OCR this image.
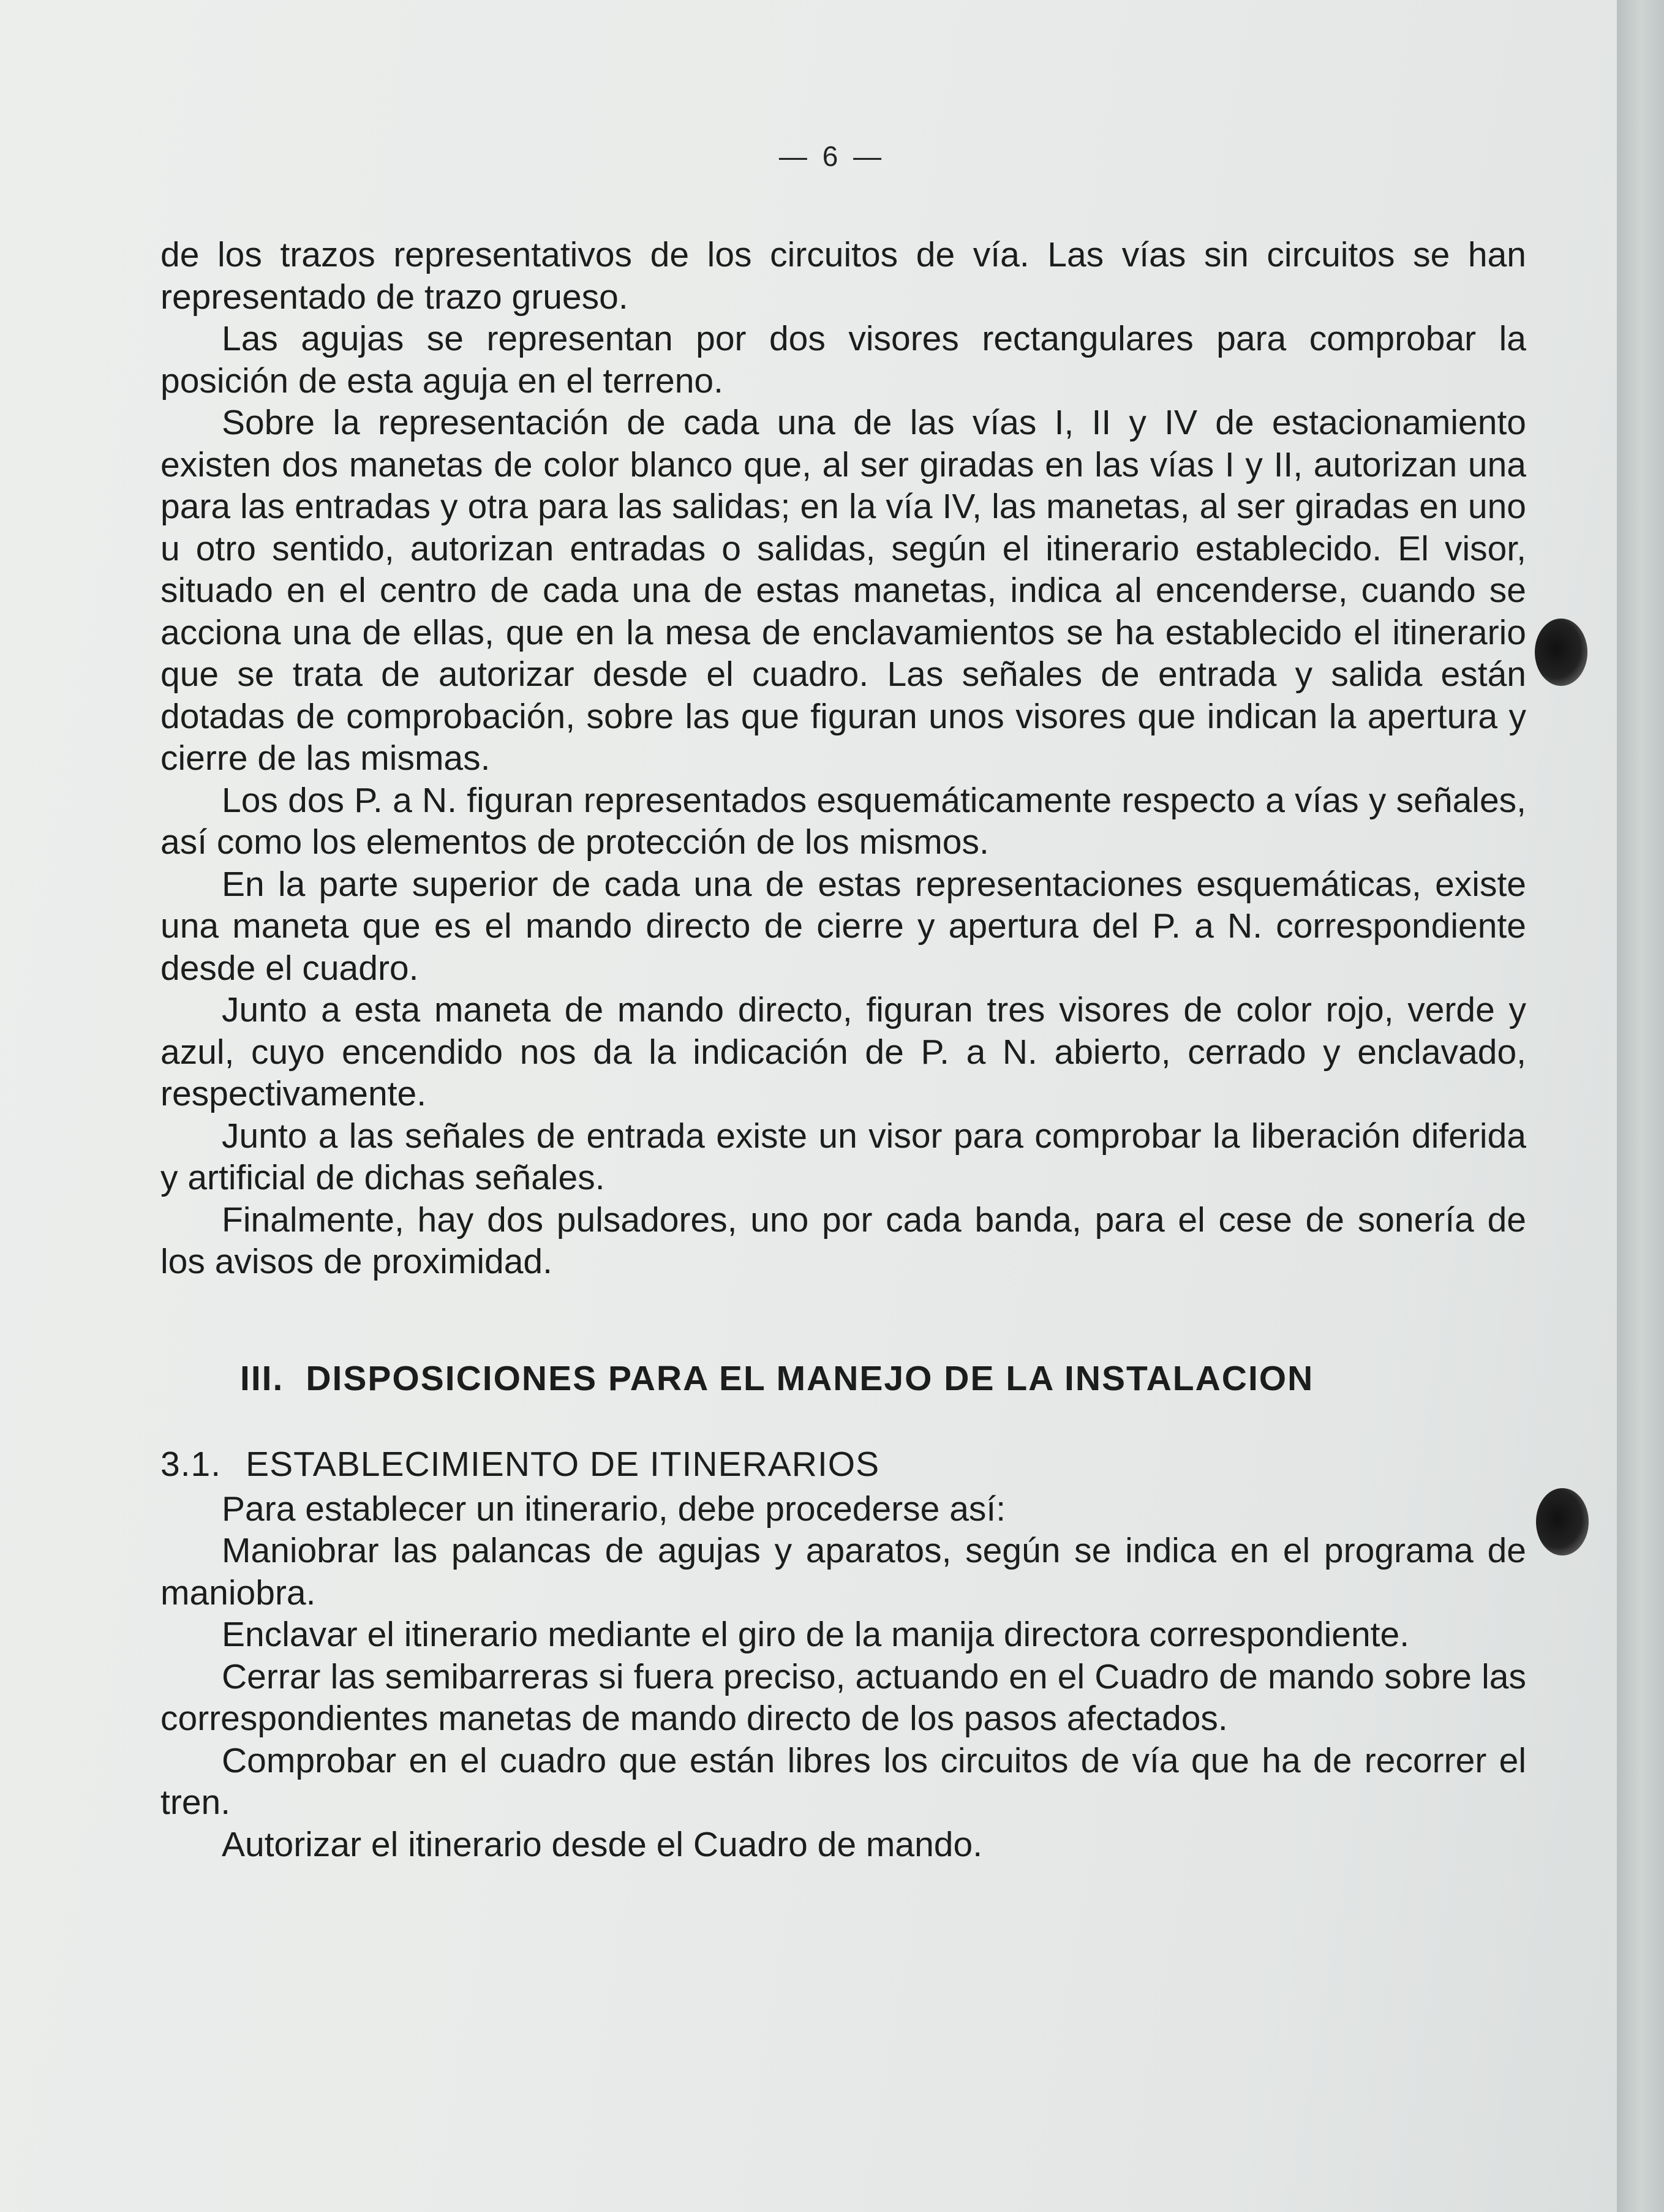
— 6 —

de los trazos representativos de los circuitos de vía. Las vías sin circuitos se han representado de trazo grueso.

Las agujas se representan por dos visores rectangulares para comprobar la posición de esta aguja en el terreno.

Sobre la representación de cada una de las vías I, II y IV de estacionamiento existen dos manetas de color blanco que, al ser giradas en las vías I y II, autorizan una para las entradas y otra para las salidas; en la vía IV, las manetas, al ser giradas en uno u otro sentido, autorizan entradas o salidas, según el itinerario establecido. El visor, situado en el centro de cada una de estas manetas, indica al encenderse, cuando se acciona una de ellas, que en la mesa de enclavamientos se ha establecido el itinerario que se trata de autorizar desde el cuadro. Las señales de entrada y salida están dotadas de comprobación, sobre las que figuran unos visores que indican la apertura y cierre de las mismas.

Los dos P. a N. figuran representados esquemáticamente respecto a vías y señales, así como los elementos de protección de los mismos.

En la parte superior de cada una de estas representaciones esquemáticas, existe una maneta que es el mando directo de cierre y apertura del P. a N. correspondiente desde el cuadro.

Junto a esta maneta de mando directo, figuran tres visores de color rojo, verde y azul, cuyo encendido nos da la indicación de P. a N. abierto, cerrado y enclavado, respectivamente.

Junto a las señales de entrada existe un visor para comprobar la liberación diferida y artificial de dichas señales.

Finalmente, hay dos pulsadores, uno por cada banda, para el cese de sonería de los avisos de proximidad.

III. DISPOSICIONES PARA EL MANEJO DE LA INSTALACION
3.1. ESTABLECIMIENTO DE ITINERARIOS

Para establecer un itinerario, debe procederse así:

Maniobrar las palancas de agujas y aparatos, según se indica en el programa de maniobra.

Enclavar el itinerario mediante el giro de la manija directora correspondiente.

Cerrar las semibarreras si fuera preciso, actuando en el Cuadro de mando sobre las correspondientes manetas de mando directo de los pasos afectados.

Comprobar en el cuadro que están libres los circuitos de vía que ha de recorrer el tren.

Autorizar el itinerario desde el Cuadro de mando.
